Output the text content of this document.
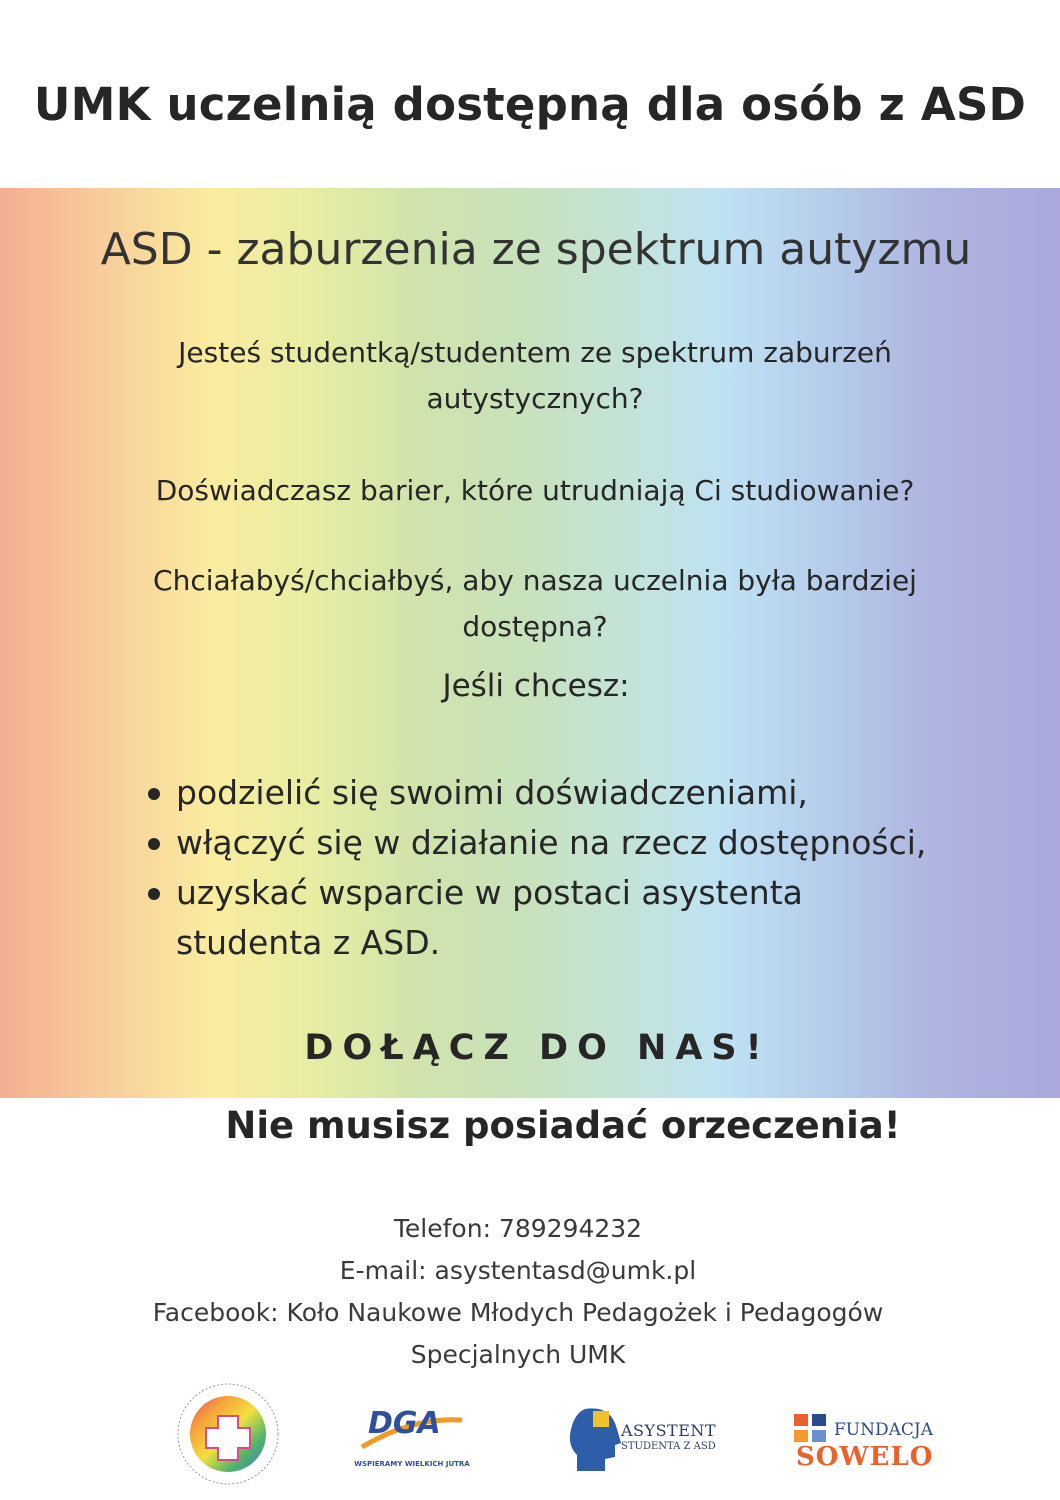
UMK uczelnią dostępną dla osób z ASD
ASD - zaburzenia ze spektrum autyzmu
Jesteś studentką/studentem ze spektrum zaburzeń autystycznych?
Doświadczasz barier, które utrudniają Ci studiowanie?
Chciałabyś/chciałbyś, aby nasza uczelnia była bardziej dostępna?
Jeśli chcesz:
podzielić się swoimi doświadczeniami,
włączyć się w działanie na rzecz dostępności,
uzyskać wsparcie w postaci asystenta studenta z ASD.
DOŁĄCZ DO NAS!
Nie musisz posiadać orzeczenia!
Telefon: 789294232
E-mail: asystentasd@umk.pl
Facebook: Koło Naukowe Młodych Pedagożek i Pedagogów Specjalnych UMK
DGA
WSPIERAMY WIELKICH JUTRA
ASYSTENT
STUDENTA Z ASD
FUNDACJA
SOWELO
